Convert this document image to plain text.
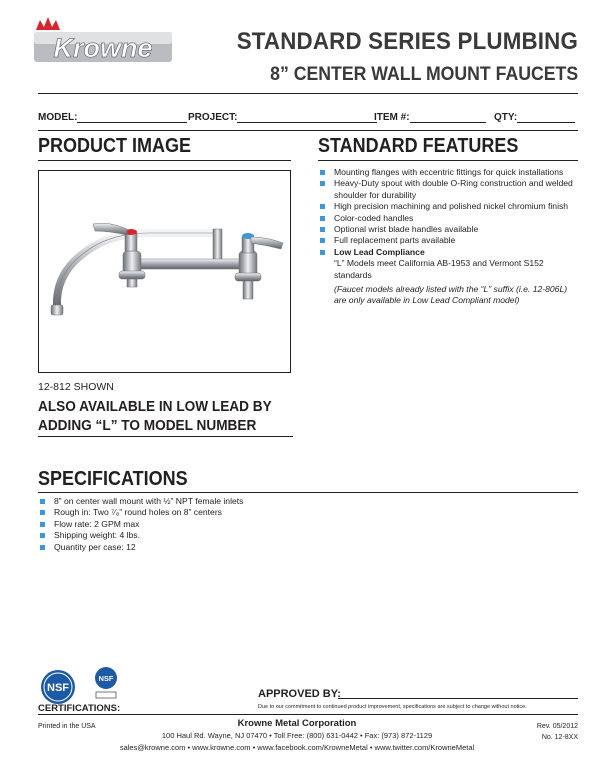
Krowne	STANDARD SERIES PLUMBING
8” CENTER WALL MOUNT FAUCETS
MODEL:	PROJECT:	ITEM #:	QTY:
PRODUCT IMAGE
12-812 SHOWN
ALSO AVAILABLE IN LOW LEAD BY
ADDING “L” TO MODEL NUMBER
STANDARD FEATURES
Mounting flanges with eccentric fittings for quick installations
Heavy-Duty spout with double O-Ring construction and welded shoulder for durability
High precision machining and polished nickel chromium finish
Color-coded handles
Optional wrist blade handles available
Full replacement parts available
Low Lead Compliance
“L” Models meet California AB-1953 and Vermont S152 standards
(Faucet models already listed with the “L” suffix (i.e. 12-806L) are only available in Low Lead Compliant model)
SPECIFICATIONS
8” on center wall mount with ½” NPT female inlets
Rough in: Two ⁷⁄₈” round holes on 8” centers
Flow rate: 2 GPM max
Shipping weight: 4 lbs.
Quantity per case: 12
NSF
NSF
APPROVED BY:
CERTIFICATIONS:	Due to our commitment to continued product improvement, specifications are subject to change without notice.
Printed in the USA	Krowne Metal Corporation
100 Haul Rd. Wayne, NJ 07470 • Toll Free: (800) 631-0442 • Fax: (973) 872-1129
sales@krowne.com • www.krowne.com • www.facebook.com/KrowneMetal • www.twitter.com/KrowneMetal
Rev. 05/2012
No. 12-8XX
